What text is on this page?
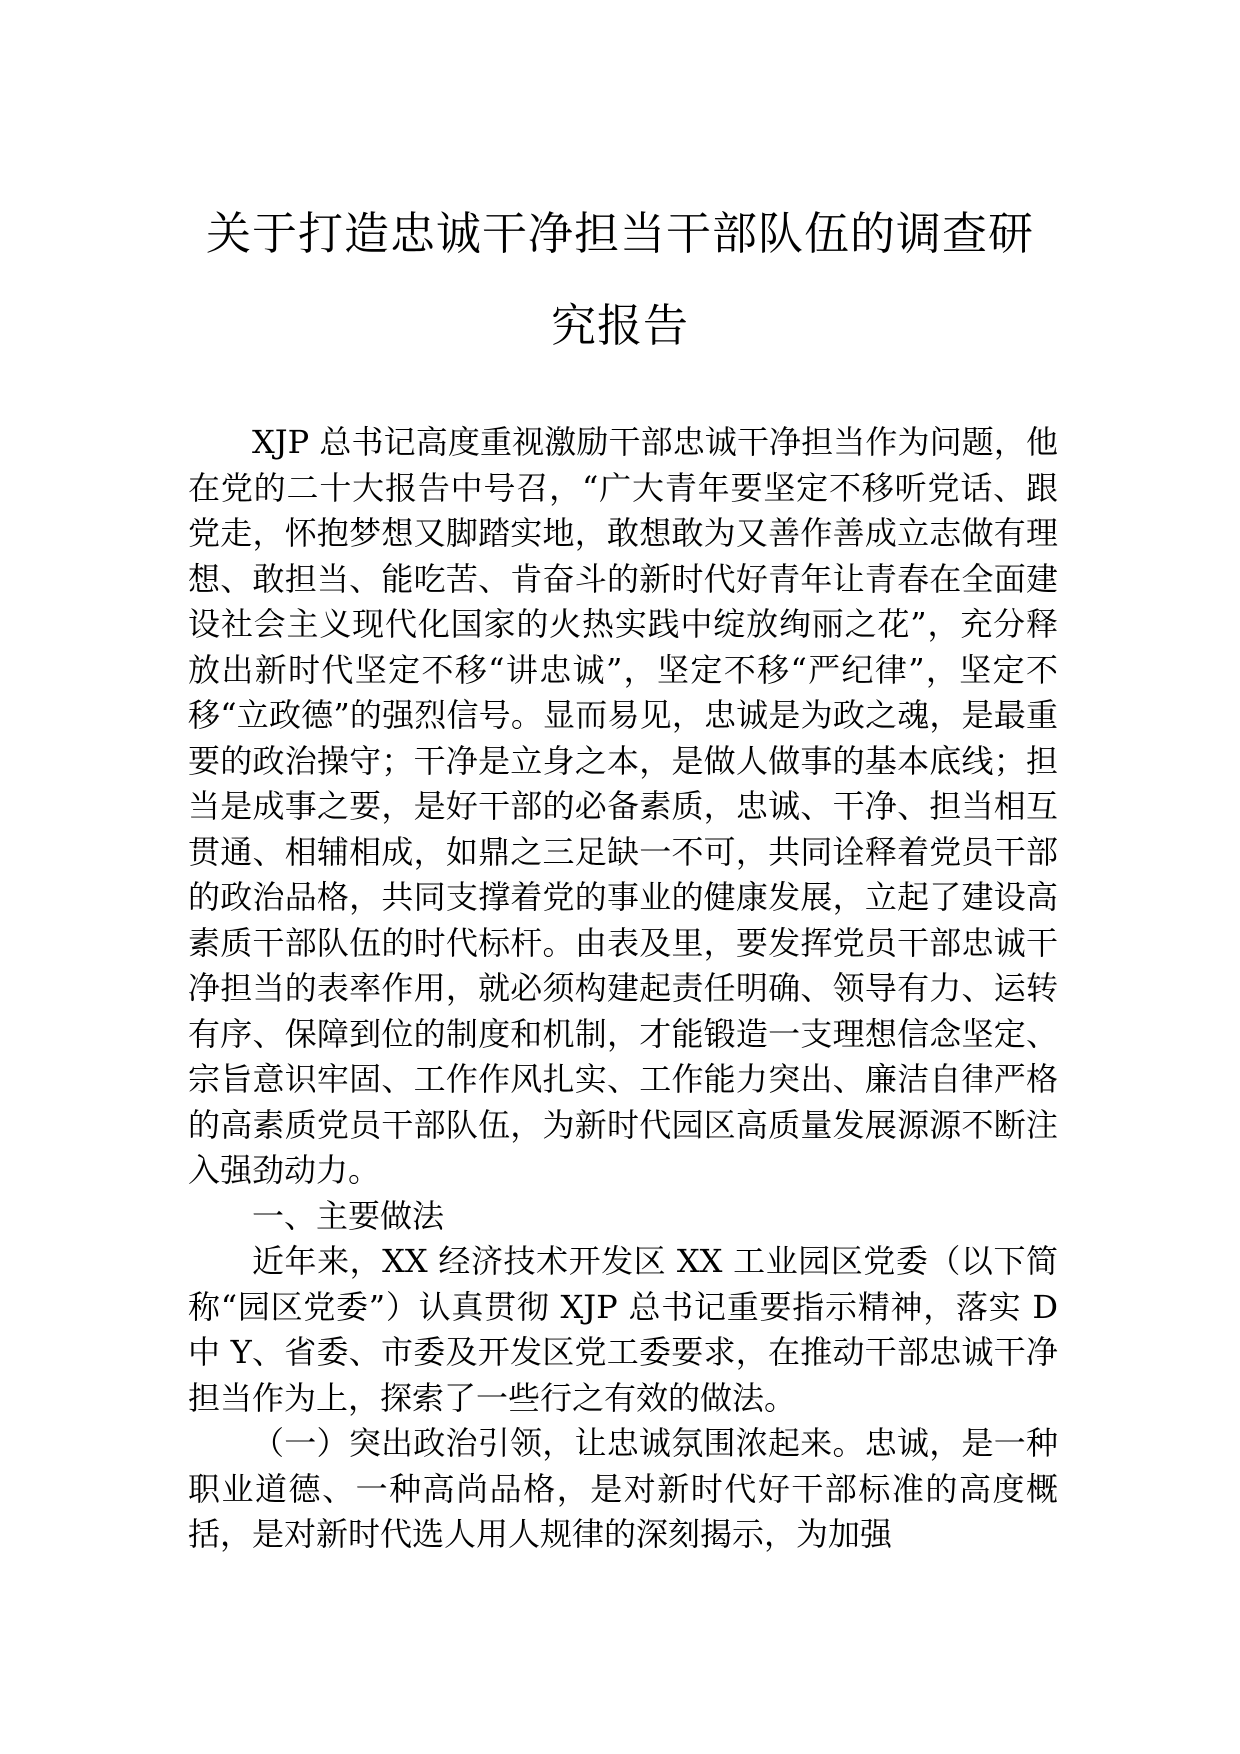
关于打造忠诚干净担当干部队伍的调查研
究报告

XJP 总书记高度重视激励干部忠诚干净担当作为问题，他在党的二十大报告中号召，“广大青年要坚定不移听党话、跟党走，怀抱梦想又脚踏实地，敢想敢为又善作善成立志做有理想、敢担当、能吃苦、肯奋斗的新时代好青年让青春在全面建设社会主义现代化国家的火热实践中绽放绚丽之花”，充分释放出新时代坚定不移“讲忠诚”，坚定不移“严纪律”，坚定不移“立政德”的强烈信号。显而易见，忠诚是为政之魂，是最重要的政治操守；干净是立身之本，是做人做事的基本底线；担当是成事之要，是好干部的必备素质，忠诚、干净、担当相互贯通、相辅相成，如鼎之三足缺一不可，共同诠释着党员干部的政治品格，共同支撑着党的事业的健康发展，立起了建设高素质干部队伍的时代标杆。由表及里，要发挥党员干部忠诚干净担当的表率作用，就必须构建起责任明确、领导有力、运转有序、保障到位的制度和机制，才能锻造一支理想信念坚定、宗旨意识牢固、工作作风扎实、工作能力突出、廉洁自律严格的高素质党员干部队伍，为新时代园区高质量发展源源不断注入强劲动力。

一、主要做法

近年来，XX 经济技术开发区 XX 工业园区党委（以下简称“园区党委”）认真贯彻 XJP 总书记重要指示精神，落实 D 中 Y、省委、市委及开发区党工委要求，在推动干部忠诚干净担当作为上，探索了一些行之有效的做法。

（一）突出政治引领，让忠诚氛围浓起来。忠诚，是一种职业道德、一种高尚品格，是对新时代好干部标准的高度概括，是对新时代选人用人规律的深刻揭示，为加强
